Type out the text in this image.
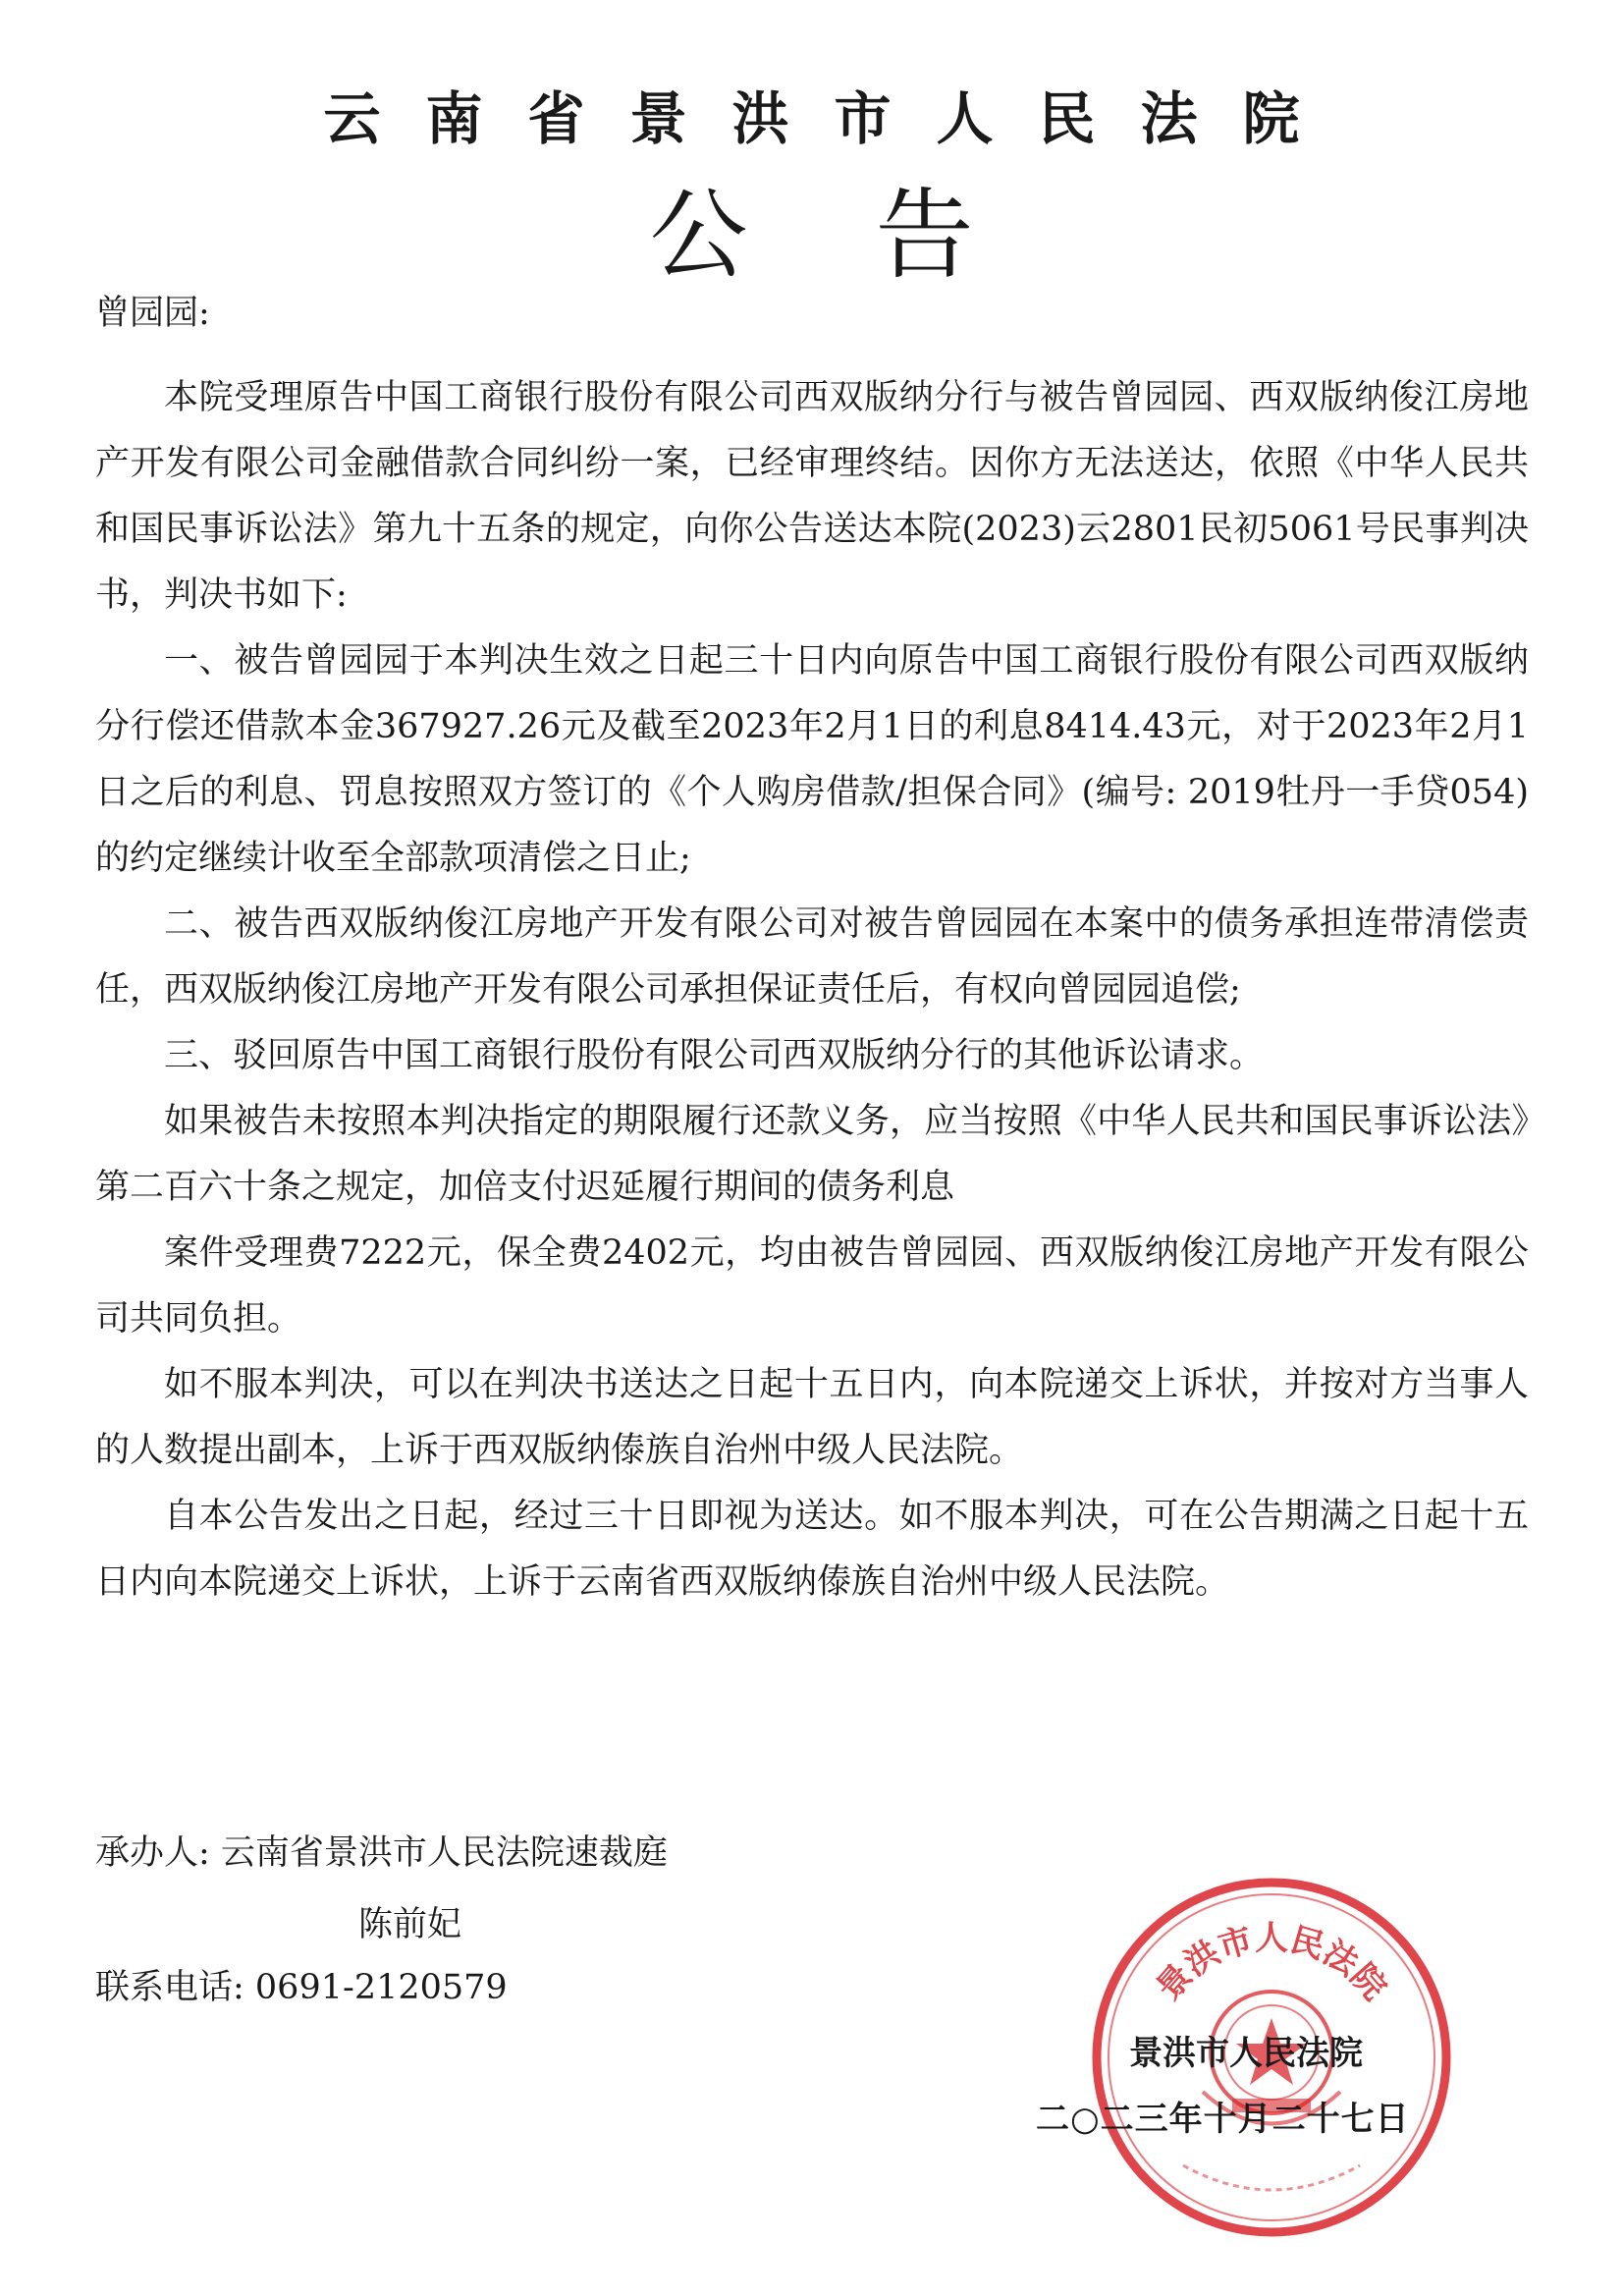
云南省景洪市人民法院
公告
曾园园:

本院受理原告中国工商银行股份有限公司西双版纳分行与被告曾园园、西双版纳俊江房地产开发有限公司金融借款合同纠纷一案，已经审理终结。因你方无法送达，依照《中华人民共和国民事诉讼法》第九十五条的规定，向你公告送达本院(2023)云2801民初5061号民事判决书，判决书如下:

一、被告曾园园于本判决生效之日起三十日内向原告中国工商银行股份有限公司西双版纳分行偿还借款本金367927.26元及截至2023年2月1日的利息8414.43元，对于2023年2月1日之后的利息、罚息按照双方签订的《个人购房借款/担保合同》(编号: 2019牡丹一手贷054)的约定继续计收至全部款项清偿之日止;

二、被告西双版纳俊江房地产开发有限公司对被告曾园园在本案中的债务承担连带清偿责任，西双版纳俊江房地产开发有限公司承担保证责任后，有权向曾园园追偿;

三、驳回原告中国工商银行股份有限公司西双版纳分行的其他诉讼请求。

如果被告未按照本判决指定的期限履行还款义务，应当按照《中华人民共和国民事诉讼法》第二百六十条之规定，加倍支付迟延履行期间的债务利息

案件受理费7222元，保全费2402元，均由被告曾园园、西双版纳俊江房地产开发有限公司共同负担。

如不服本判决，可以在判决书送达之日起十五日内，向本院递交上诉状，并按对方当事人的人数提出副本，上诉于西双版纳傣族自治州中级人民法院。

自本公告发出之日起，经过三十日即视为送达。如不服本判决，可在公告期满之日起十五日内向本院递交上诉状，上诉于云南省西双版纳傣族自治州中级人民法院。

承办人: 云南省景洪市人民法院速裁庭
陈前妃
联系电话: 0691-2120579	景洪市人民法院
景洪市人民法院
二○二三年十月二十七日
